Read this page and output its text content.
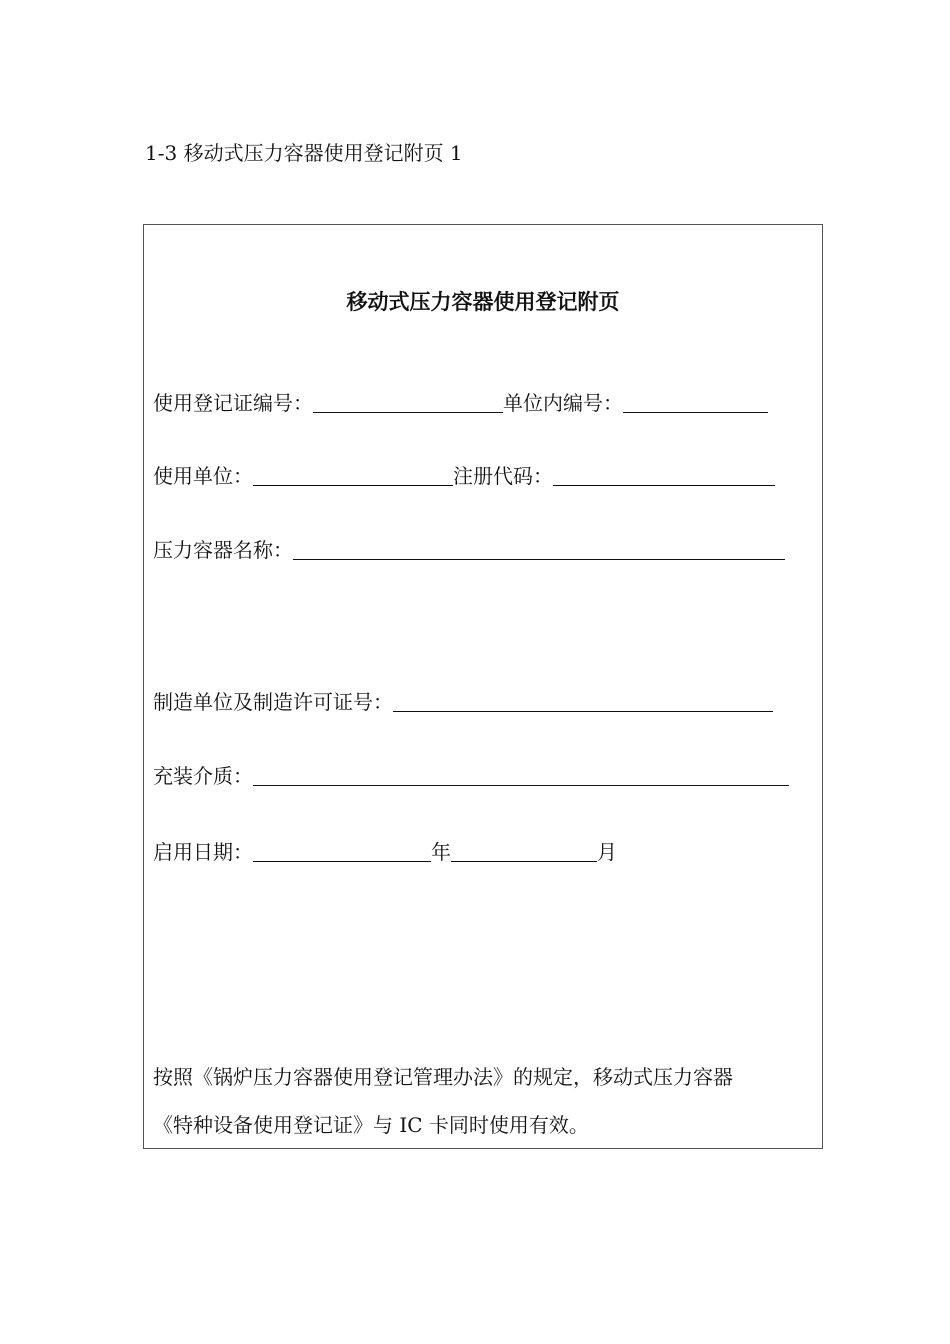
1-3 移动式压力容器使用登记附页 1
移动式压力容器使用登记附页
使用登记证编号：	单位内编号：
使用单位：	注册代码：
压力容器名称：
制造单位及制造许可证号：
充装介质：
启用日期：	年	月
按照《锅炉压力容器使用登记管理办法》的规定，移动式压力容器
《特种设备使用登记证》与 IC 卡同时使用有效。
